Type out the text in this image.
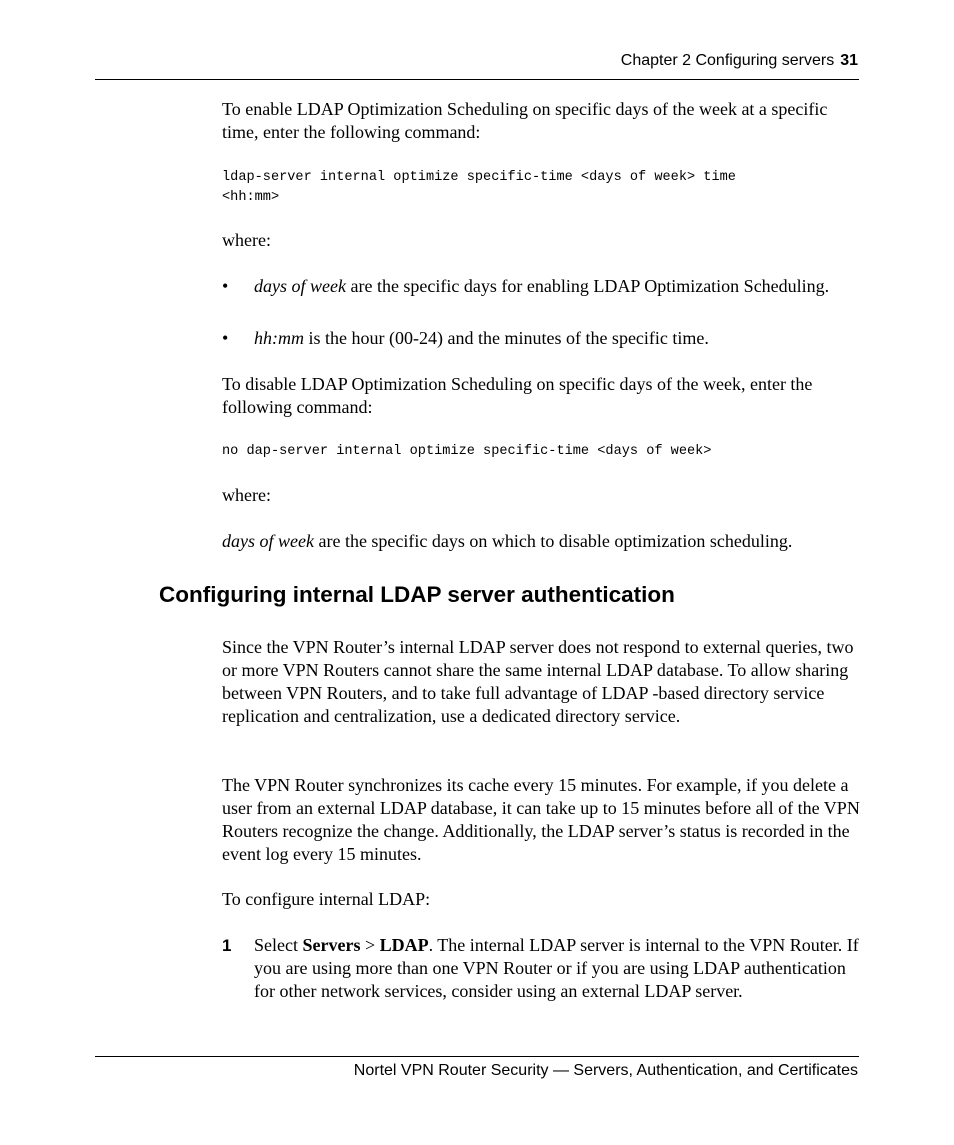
Chapter 2 Configuring servers 31

To enable LDAP Optimization Scheduling on specific days of the week at a specific time, enter the following command:

ldap-server internal optimize specific-time <days of week> time
<hh:mm>

where:

• days of week are the specific days for enabling LDAP Optimization Scheduling.
• hh:mm is the hour (00-24) and the minutes of the specific time.

To disable LDAP Optimization Scheduling on specific days of the week, enter the following command:

no dap-server internal optimize specific-time <days of week>

where:

days of week are the specific days on which to disable optimization scheduling.

Configuring internal LDAP server authentication

Since the VPN Router’s internal LDAP server does not respond to external queries, two or more VPN Routers cannot share the same internal LDAP database. To allow sharing between VPN Routers, and to take full advantage of LDAP -based directory service replication and centralization, use a dedicated directory service.

The VPN Router synchronizes its cache every 15 minutes. For example, if you delete a user from an external LDAP database, it can take up to 15 minutes before all of the VPN Routers recognize the change. Additionally, the LDAP server’s status is recorded in the event log every 15 minutes.

To configure internal LDAP:

1 Select Servers > LDAP. The internal LDAP server is internal to the VPN Router. If you are using more than one VPN Router or if you are using LDAP authentication for other network services, consider using an external LDAP server.
Nortel VPN Router Security — Servers, Authentication, and Certificates
